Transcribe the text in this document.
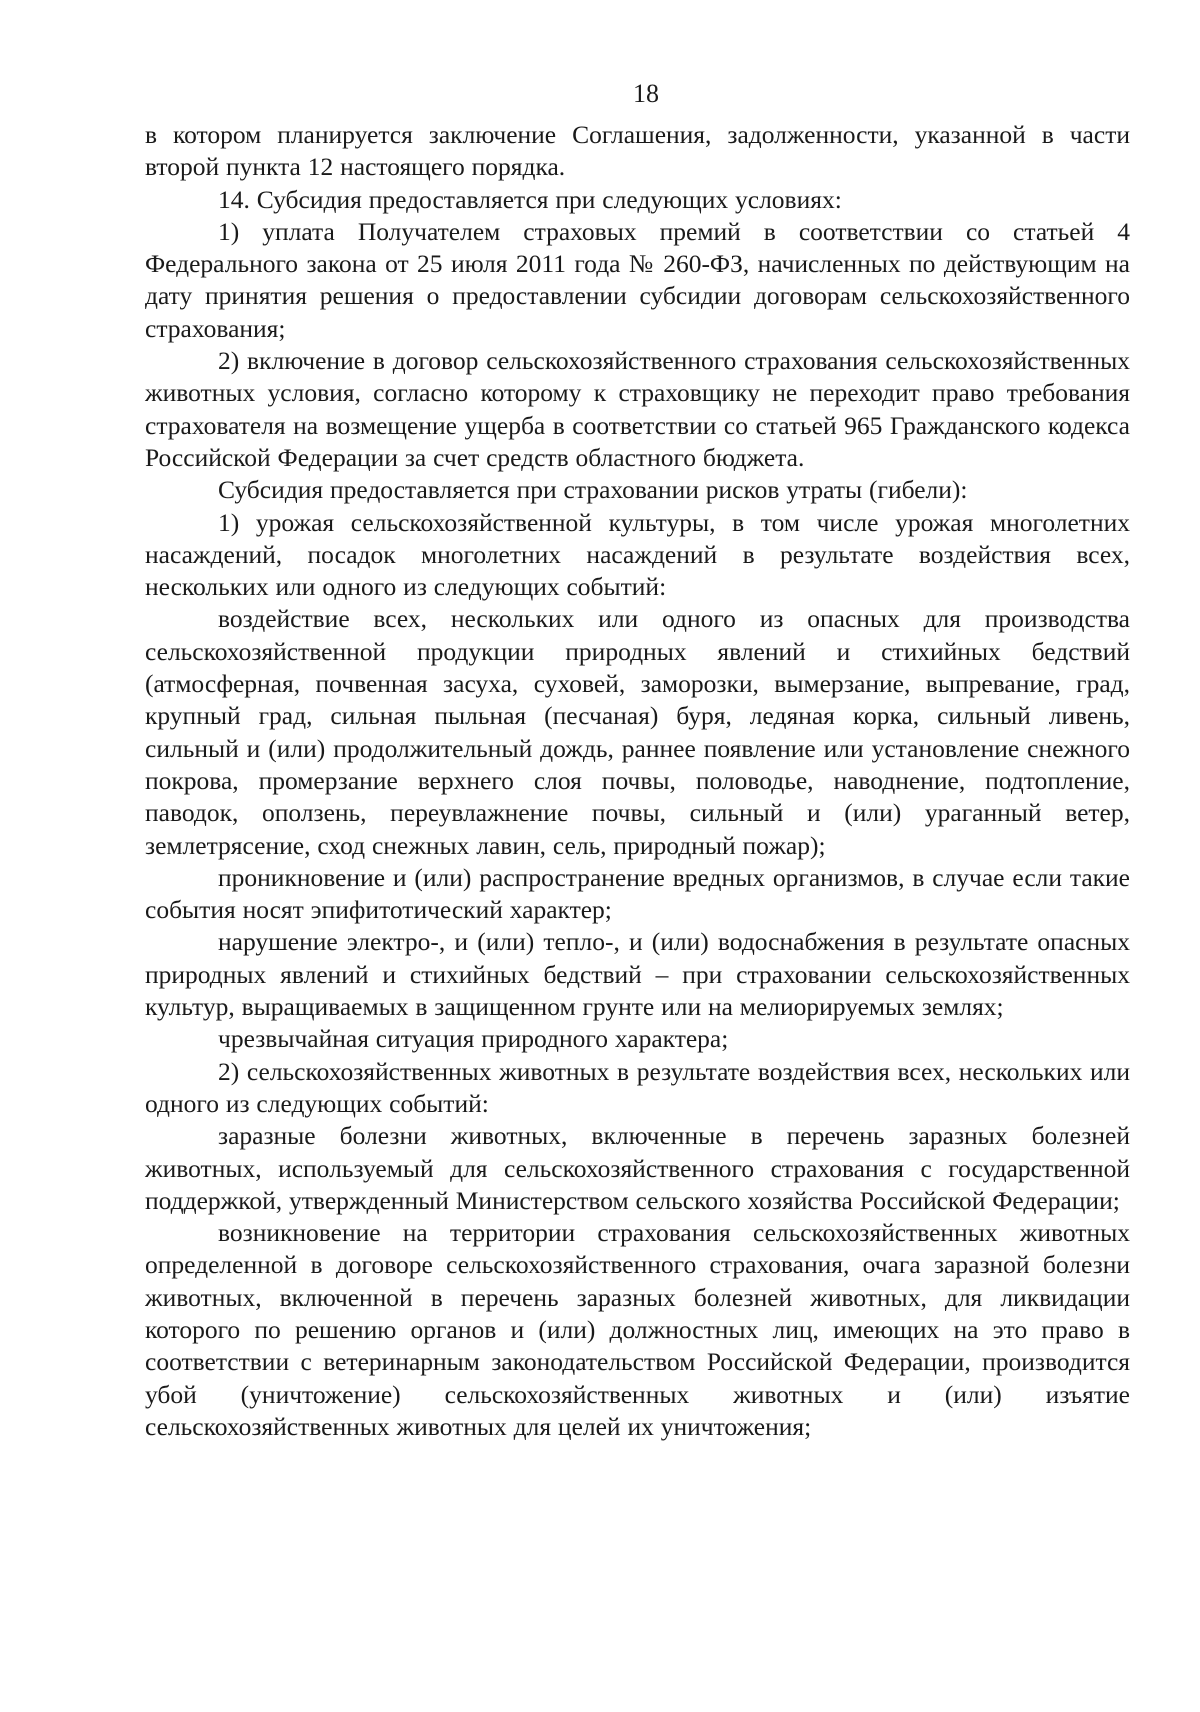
18

в котором планируется заключение Соглашения, задолженности, указанной в части второй пункта 12 настоящего порядка.

14. Субсидия предоставляется при следующих условиях:

1) уплата Получателем страховых премий в соответствии со статьей 4 Федерального закона от 25 июля 2011 года № 260-ФЗ, начисленных по действующим на дату принятия решения о предоставлении субсидии договорам сельскохозяйственного страхования;

2) включение в договор сельскохозяйственного страхования сельскохозяйственных животных условия, согласно которому к страховщику не переходит право требования страхователя на возмещение ущерба в соответствии со статьей 965 Гражданского кодекса Российской Федерации за счет средств областного бюджета.

Субсидия предоставляется при страховании рисков утраты (гибели):

1) урожая сельскохозяйственной культуры, в том числе урожая многолетних насаждений, посадок многолетних насаждений в результате воздействия всех, нескольких или одного из следующих событий:

воздействие всех, нескольких или одного из опасных для производства сельскохозяйственной продукции природных явлений и стихийных бедствий (атмосферная, почвенная засуха, суховей, заморозки, вымерзание, выпревание, град, крупный град, сильная пыльная (песчаная) буря, ледяная корка, сильный ливень, сильный и (или) продолжительный дождь, раннее появление или установление снежного покрова, промерзание верхнего слоя почвы, половодье, наводнение, подтопление, паводок, оползень, переувлажнение почвы, сильный и (или) ураганный ветер, землетрясение, сход снежных лавин, сель, природный пожар);

проникновение и (или) распространение вредных организмов, в случае если такие события носят эпифитотический характер;

нарушение электро-, и (или) тепло-, и (или) водоснабжения в результате опасных природных явлений и стихийных бедствий – при страховании сельскохозяйственных культур, выращиваемых в защищенном грунте или на мелиорируемых землях;

чрезвычайная ситуация природного характера;

2) сельскохозяйственных животных в результате воздействия всех, нескольких или одного из следующих событий:

заразные болезни животных, включенные в перечень заразных болезней животных, используемый для сельскохозяйственного страхования с государственной поддержкой, утвержденный Министерством сельского хозяйства Российской Федерации;

возникновение на территории страхования сельскохозяйственных животных определенной в договоре сельскохозяйственного страхования, очага заразной болезни животных, включенной в перечень заразных болезней животных, для ликвидации которого по решению органов и (или) должностных лиц, имеющих на это право в соответствии с ветеринарным законодательством Российской Федерации, производится убой (уничтожение) сельскохозяйственных животных и (или) изъятие сельскохозяйственных животных для целей их уничтожения;
